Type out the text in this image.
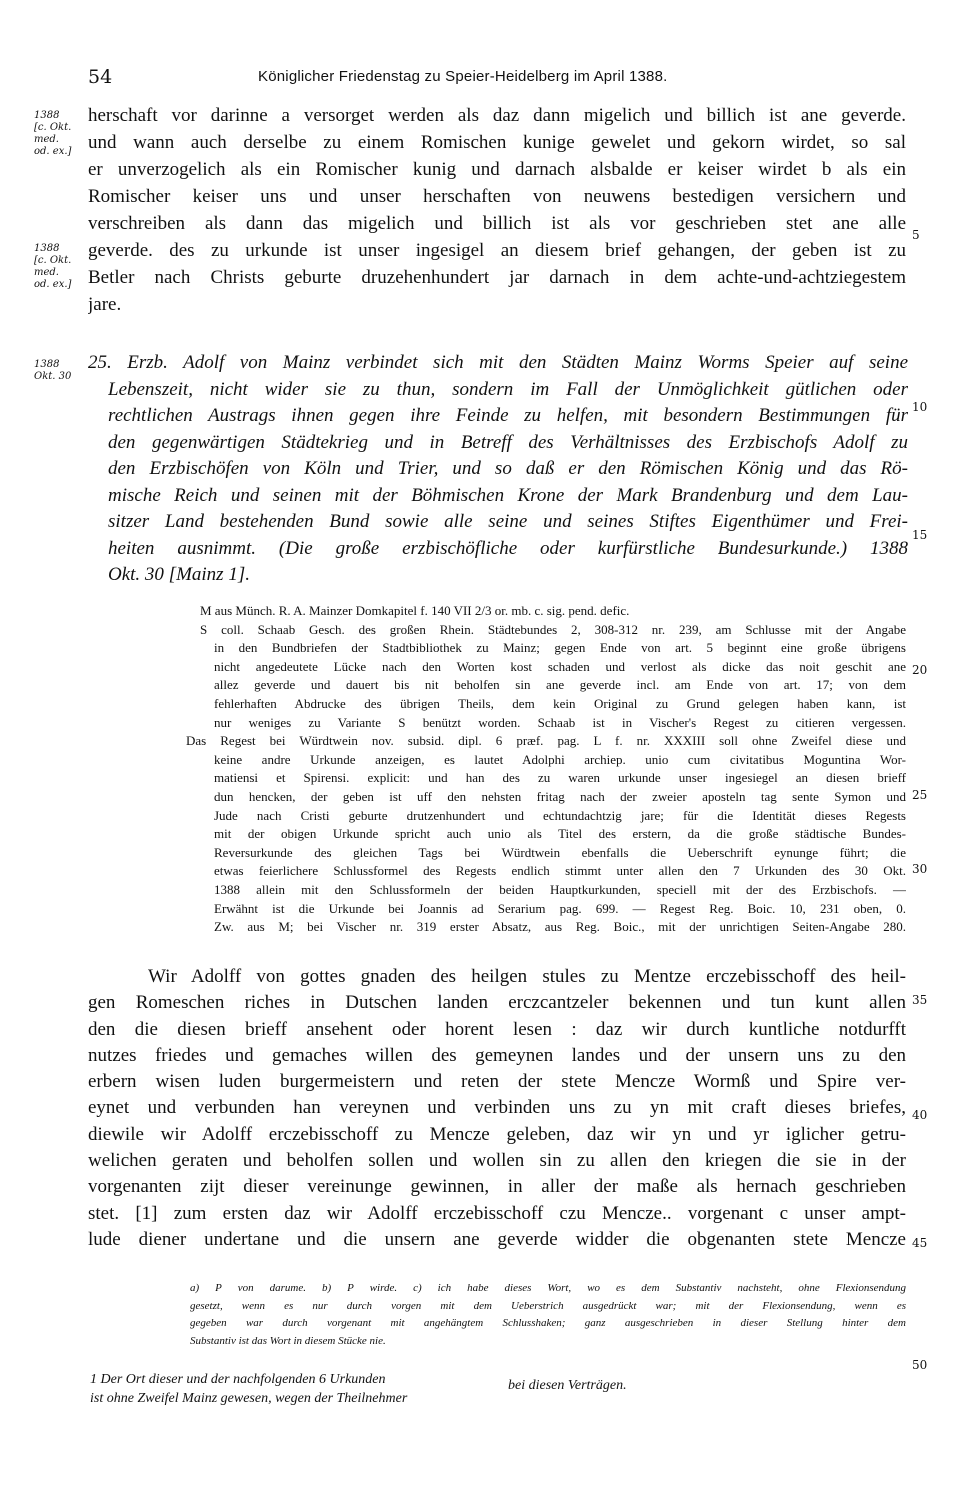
54	Königlicher Friedenstag zu Speier-Heidelberg im April 1388.
1388
[c. Okt.
med.
od. ex.]
1388
[c. Okt.
med.
od. ex.]
1388
Okt. 30
5
10
15
20
25
30
35
40
45
50
herschaft vor darinne a versorget werden als daz dann migelich und billich ist ane geverde.
und wann auch derselbe zu einem Romischen kunige gewelet und gekorn wirdet, so sal
er unverzogelich als ein Romischer kunig und darnach alsbalde er keiser wirdet b als ein
Romischer keiser uns und unser herschaften von neuwens bestedigen versichern und
verschreiben als dann das migelich und billich ist als vor geschrieben stet ane alle
geverde. des zu urkunde ist unser ingesigel an diesem brief gehangen, der geben ist zu
Betler nach Christs geburte druzehenhundert jar darnach in dem achte-und-achtziegestem
jare.
25. Erzb. Adolf von Mainz verbindet sich mit den Städten Mainz Worms Speier auf seine
Lebenszeit, nicht wider sie zu thun, sondern im Fall der Unmöglichkeit gütlichen oder
rechtlichen Austrags ihnen gegen ihre Feinde zu helfen, mit besondern Bestimmungen für
den gegenwärtigen Städtekrieg und in Betreff des Verhältnisses des Erzbischofs Adolf zu
den Erzbischöfen von Köln und Trier, und so daß er den Römischen König und das Rö-
mische Reich und seinen mit der Böhmischen Krone der Mark Brandenburg und dem Lau-
sitzer Land bestehenden Bund sowie alle seine und seines Stiftes Eigenthümer und Frei-
heiten ausnimmt. (Die große erzbischöfliche oder kurfürstliche Bundesurkunde.) 1388
Okt. 30 [Mainz 1].
M aus Münch. R. A. Mainzer Domkapitel f. 140 VII 2/3 or. mb. c. sig. pend. defic.
S coll. Schaab Gesch. des großen Rhein. Städtebundes 2, 308-312 nr. 239, am Schlusse mit der Angabe
in den Bundbriefen der Stadtbibliothek zu Mainz; gegen Ende von art. 5 beginnt eine große übrigens
nicht angedeutete Lücke nach den Worten kost schaden und verlost als dicke das noit geschit ane
allez geverde und dauert bis nit beholfen sin ane geverde incl. am Ende von art. 17; von dem
fehlerhaften Abdrucke des übrigen Theils, dem kein Original zu Grund gelegen haben kann, ist
nur weniges zu Variante S benützt worden. Schaab ist in Vischer's Regest zu citieren vergessen.
Das Regest bei Würdtwein nov. subsid. dipl. 6 præf. pag. L f. nr. XXXIII soll ohne Zweifel diese und
keine andre Urkunde anzeigen, es lautet Adolphi archiep. unio cum civitatibus Moguntina Wor-
matiensi et Spirensi. explicit: und han des zu waren urkunde unser ingesiegel an diesen brieff
dun hencken, der geben ist uff den nehsten fritag nach der zweier aposteln tag sente Symon und
Jude nach Cristi geburte drutzenhundert und echtundachtzig jare; für die Identität dieses Regests
mit der obigen Urkunde spricht auch unio als Titel des erstern, da die große städtische Bundes-
Reversurkunde des gleichen Tags bei Würdtwein ebenfalls die Ueberschrift eynunge führt; die
etwas feierlichere Schlussformel des Regests endlich stimmt unter allen den 7 Urkunden des 30 Okt.
1388 allein mit den Schlussformeln der beiden Hauptkurkunden, speciell mit der des Erzbischofs. —
Erwähnt ist die Urkunde bei Joannis ad Serarium pag. 699. — Regest Reg. Boic. 10, 231 oben, 0.
Zw. aus M; bei Vischer nr. 319 erster Absatz, aus Reg. Boic., mit der unrichtigen Seiten-Angabe 280.
Wir Adolff von gottes gnaden des heilgen stules zu Mentze erczebisschoff des heil-
gen Romeschen riches in Dutschen landen erczcantzeler bekennen und tun kunt allen
den die diesen brieff ansehent oder horent lesen : daz wir durch kuntliche notdurfft
nutzes friedes und gemaches willen des gemeynen landes und der unsern uns zu den
erbern wisen luden burgermeistern und reten der stete Mencze Wormß und Spire ver-
eynet und verbunden han vereynen und verbinden uns zu yn mit craft dieses briefes,
diewile wir Adolff erczebisschoff zu Mencze geleben, daz wir yn und yr iglicher getru-
welichen geraten und beholfen sollen und wollen sin zu allen den kriegen die sie in der
vorgenanten zijt dieser vereinunge gewinnen, in aller der maße als hernach geschrieben
stet. [1] zum ersten daz wir Adolff erczebisschoff czu Mencze.. vorgenant c unser ampt-
lude diener undertane und die unsern ane geverde widder die obgenanten stete Mencze
a) P von darume. b) P wirde. c) ich habe dieses Wort, wo es dem Substantiv nachsteht, ohne Flexionsendung
gesetzt, wenn es nur durch vorgen mit dem Ueberstrich ausgedrückt war; mit der Flexionsendung, wenn es
gegeben war durch vorgenant mit angehängtem Schlusshaken; ganz ausgeschrieben in dieser Stellung hinter dem
Substantiv ist das Wort in diesem Stücke nie.
1 Der Ort dieser und der nachfolgenden 6 Urkunden
ist ohne Zweifel Mainz gewesen, wegen der Theilnehmer
bei diesen Verträgen.
